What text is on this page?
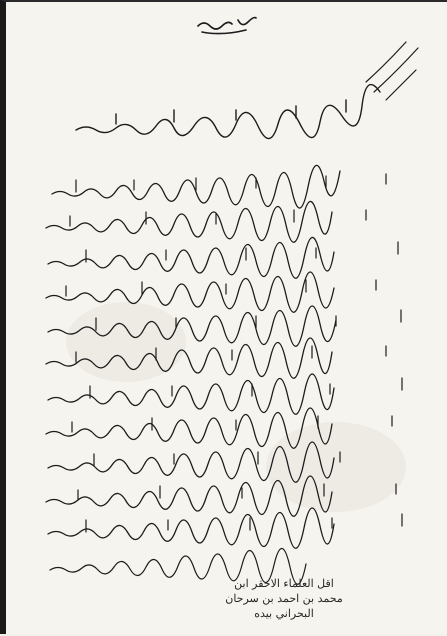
اقل العلماء الاحقر ابن
محمد بن احمد بن سرحان
البحراني بيده
